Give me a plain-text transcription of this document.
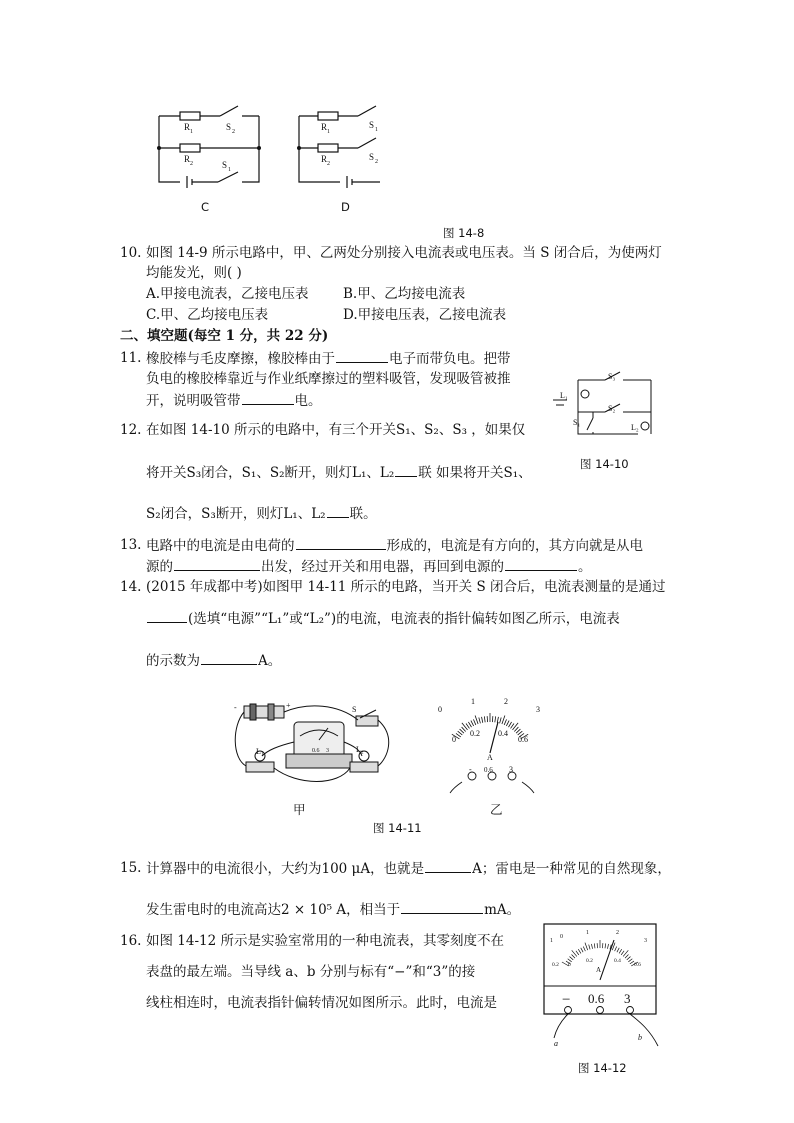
R 1	S 2
R 2	S 1
R 1
S 1
R 2
S 2
C	D
图 14-8
10. 如图 14-9 所示电路中，甲、乙两处分别接入电流表或电压表。当 S 闭合后，为使两灯
均能发光，则( )
A.甲接电流表，乙接电压表	B.甲、乙均接电流表
C.甲、乙均接电压表	D.甲接电压表，乙接电流表
二、填空题(每空 1 分，共 22 分)
11. 橡胶棒与毛皮摩擦，橡胶棒由于	电子而带负电。把带
负电的橡胶棒靠近与作业纸摩擦过的塑料吸管，发现吸管被推
开，说明吸管带	电。	L₁
S₃
S₂
S₁
L₂
图 14-10
12. 在如图 14-10 所示的电路中，有三个开关S₁、S₂、S₃ ，如果仅
将开关S₃闭合，S₁、S₂断开，则灯L₁、L₂ 联 如果将开关S₁、
S₂闭合，S₃断开，则灯L₁、L₂ 联。
13. 电路中的电流是由电荷的	形成的，电流是有方向的，其方向就是从电
源的	出发，经过开关和用电器，再回到电源的	。
14. (2015 年成都中考)如图甲 14-11 所示的电路，当开关 S 闭合后，电流表测量的是通过
(选填“电源”“L₁”或“L₂”)的电流，电流表的指针偏转如图乙所示，电流表
的示数为	A。
-	+	S
L₁	L₂
0.6 3
0
1	2
3
0
0.2 0.4
0.6
A
- 0.6 3
甲	乙
图 14-11
15. 计算器中的电流很小，大约为100 μA，也就是	A；雷电是一种常见的自然现象，
发生雷电时的电流高达2 × 10⁵ A，相当于	mA。
16. 如图 14-12 所示是实验室常用的一种电流表，其零刻度不在
表盘的最左端。当导线 a、b 分别与标有“−”和“3”的接
线柱相连时，电流表指针偏转情况如图所示。此时，电流是
1
0
1	2
3
0.2 0
0.2	0.4
0.6
A
− 0.6 3
a
b
图 14-12
